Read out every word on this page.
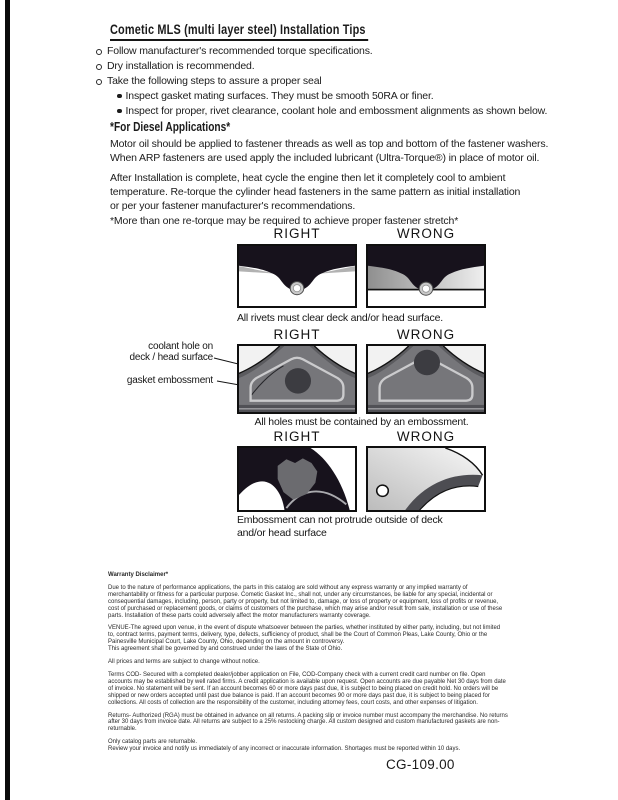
Cometic MLS (multi layer steel) Installation Tips
Follow manufacturer's recommended torque specifications.
Dry installation is recommended.
Take the following steps to assure a proper seal
Inspect gasket mating surfaces. They must be smooth 50RA or finer.
Inspect for proper, rivet clearance, coolant hole and embossment alignments as shown below.
*For Diesel Applications*
Motor oil should be applied to fastener threads as well as top and bottom of the fastener washers.
When ARP fasteners are used apply the included lubricant (Ultra-Torque®) in place of motor oil.
After Installation is complete, heat cycle the engine then let it completely cool to ambient
temperature. Re-torque the cylinder head fasteners in the same pattern as initial installation
or per your fastener manufacturer's recommendations.
*More than one re-torque may be required to achieve proper fastener stretch*
RIGHT	WRONG
All rivets must clear deck and/or head surface.
RIGHT	WRONG
coolant hole on
deck / head surface
gasket embossment
All holes must be contained by an embossment.
RIGHT	WRONG
Embossment can not protrude outside of deck
and/or head surface

Warranty Disclaimer*

Due to the nature of performance applications, the parts in this catalog are sold without any express warranty or any implied warranty of merchantability or fitness for a particular purpose. Cometic Gasket Inc., shall not, under any circumstances, be liable for any special, incidental or consequential damages, including, person, party or property, but not limited to, damage, or loss of property or equipment, loss of profits or revenue, cost of purchased or replacement goods, or claims of customers of the purchase, which may arise and/or result from sale, installation or use of these parts. Installation of these parts could adversely affect the motor manufacturers warranty coverage.

VENUE-The agreed upon venue, in the event of dispute whatsoever between the parties, whether instituted by either party, including, but not limited to, contract terms, payment terms, delivery, type, defects, sufficiency of product, shall be the Court of Common Pleas, Lake County, Ohio or the Painesville Municipal Court, Lake County, Ohio, depending on the amount in controversy.
This agreement shall be governed by and construed under the laws of the State of Ohio.

All prices and terms are subject to change without notice.

Terms COD- Secured with a completed dealer/jobber application on File, COD-Company check with a current credit card number on file. Open accounts may be established by well rated firms. A credit application is available upon request. Open accounts are due payable Net 30 days from date of invoice. No statement will be sent. If an account becomes 60 or more days past due, it is subject to being placed on credit hold. No orders will be shipped or new orders accepted until past due balance is paid. If an account becomes 90 or more days past due, it is subject to being placed for collections. All costs of collection are the responsibility of the customer, including attorney fees, court costs, and other expenses of litigation.

Returns- Authorized (RGA) must be obtained in advance on all returns. A packing slip or invoice number must accompany the merchandise. No returns after 30 days from invoice date. All returns are subject to a 25% restocking charge. All custom designed and custom manufactured gaskets are non-returnable.

Only catalog parts are returnable.
Review your invoice and notify us immediately of any incorrect or inaccurate information. Shortages must be reported within 10 days.

CG-109.00
